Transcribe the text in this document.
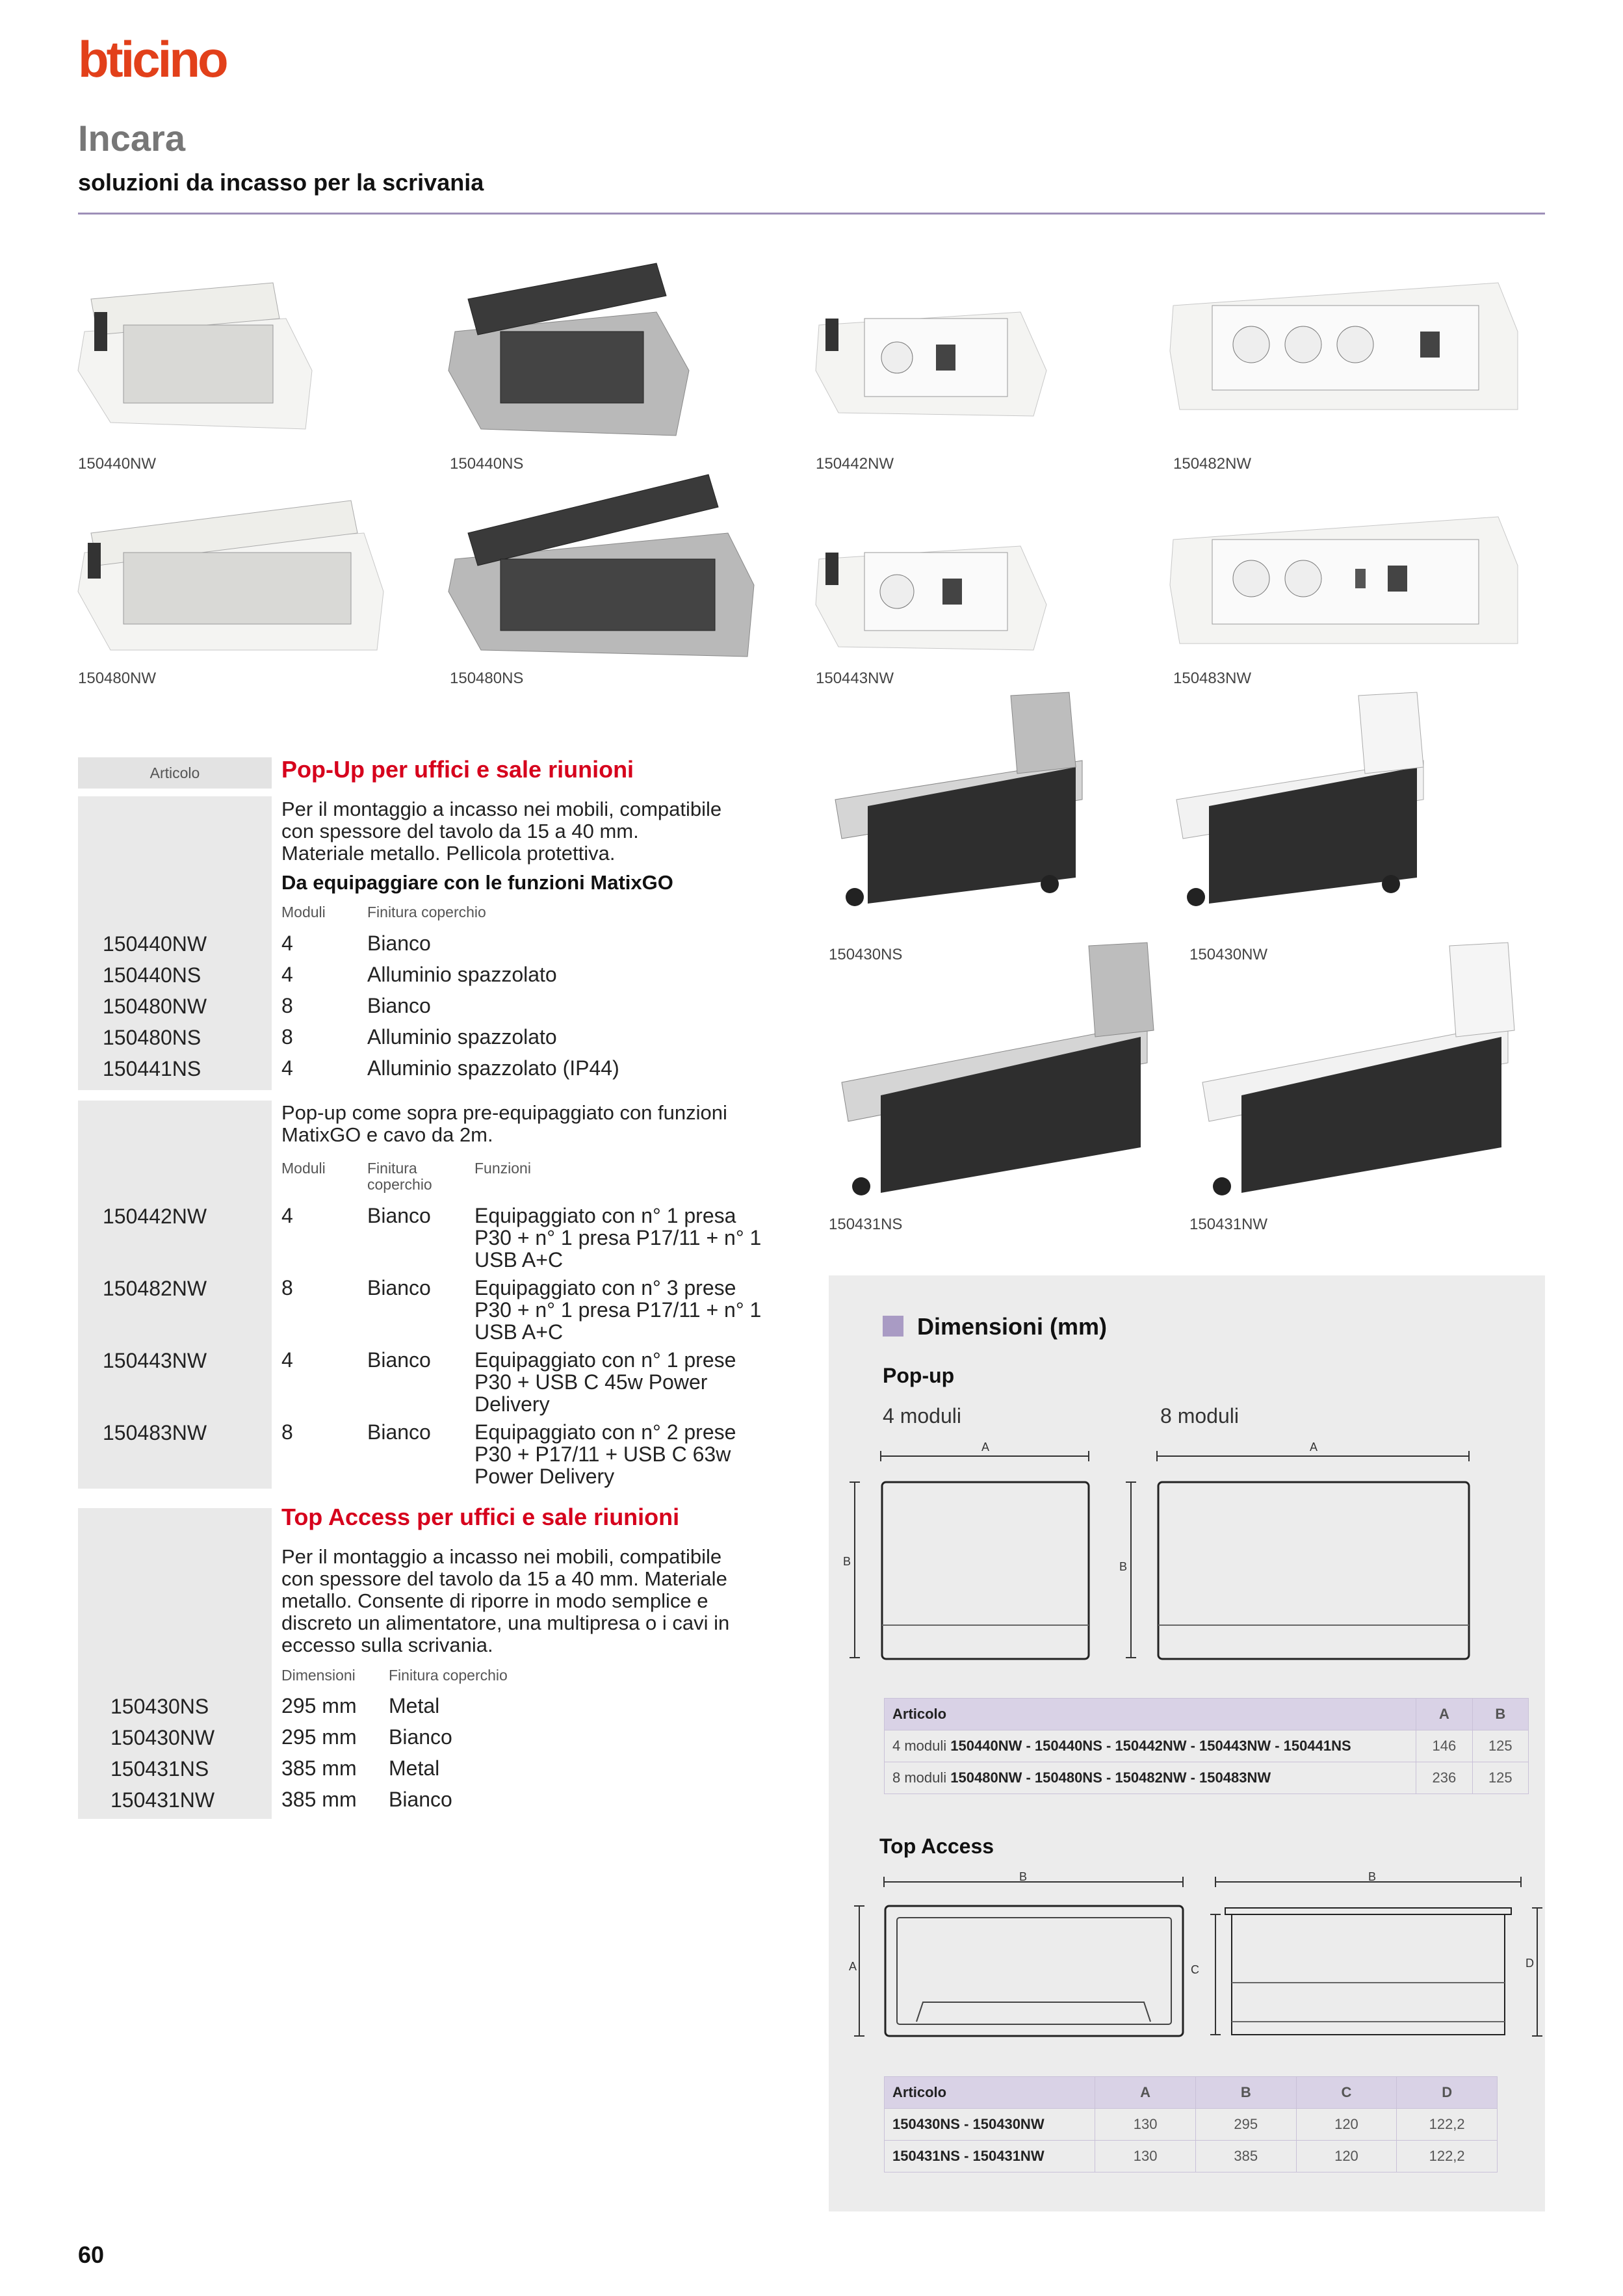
bticino
Incara
soluzioni da incasso per la scrivania
150440NW	150440NS	150442NW	150482NW
150480NW	150480NS	150443NW	150483NW
150430NS	150430NW
150431NS	150431NW
Articolo	Pop-Up per uffici e sale riunioni
Per il montaggio a incasso nei mobili, compatibile
con spessore del tavolo da 15 a 40 mm.
Materiale metallo. Pellicola protettiva.
Da equipaggiare con le funzioni MatixGO
Moduli	Finitura coperchio
150440NW	4	Bianco
150440NS	4	Alluminio spazzolato
150480NW	8	Bianco
150480NS	8	Alluminio spazzolato
150441NS	4	Alluminio spazzolato (IP44)
Pop-up come sopra pre-equipaggiato con funzioni
MatixGO e cavo da 2m.
Moduli	Finitura
coperchio
Funzioni
150442NW	4	Bianco Equipaggiato con n° 1 presa
P30 + n° 1 presa P17/11 + n° 1
USB A+C
150482NW	8	Bianco Equipaggiato con n° 3 prese
P30 + n° 1 presa P17/11 + n° 1
USB A+C
150443NW	4	Bianco Equipaggiato con n° 1 prese
P30 + USB C 45w Power
Delivery
150483NW	8	Bianco Equipaggiato con n° 2 prese
P30 + P17/11 + USB C 63w
Power Delivery
Top Access per uffici e sale riunioni
Per il montaggio a incasso nei mobili, compatibile
con spessore del tavolo da 15 a 40 mm. Materiale
metallo. Consente di riporre in modo semplice e
discreto un alimentatore, una multipresa o i cavi in
eccesso sulla scrivania.
Dimensioni Finitura coperchio
150430NS	295 mm Metal
150430NW	295 mm Bianco
150431NS	385 mm Metal
150431NW	385 mm Bianco
Dimensioni (mm)
Pop-up
4 moduli	8 moduli
A	A
B	B
Articolo	A	B
4 moduli 150440NW - 150440NS - 150442NW - 150443NW - 150441NS	146	125
8 moduli 150480NW - 150480NS - 150482NW - 150483NW	236	125
Top Access
B	B
A	C	D
Articolo	A	B	C	D
150430NS - 150430NW	130	295	120	122,2
150431NS - 150431NW	130	385	120	122,2
60
